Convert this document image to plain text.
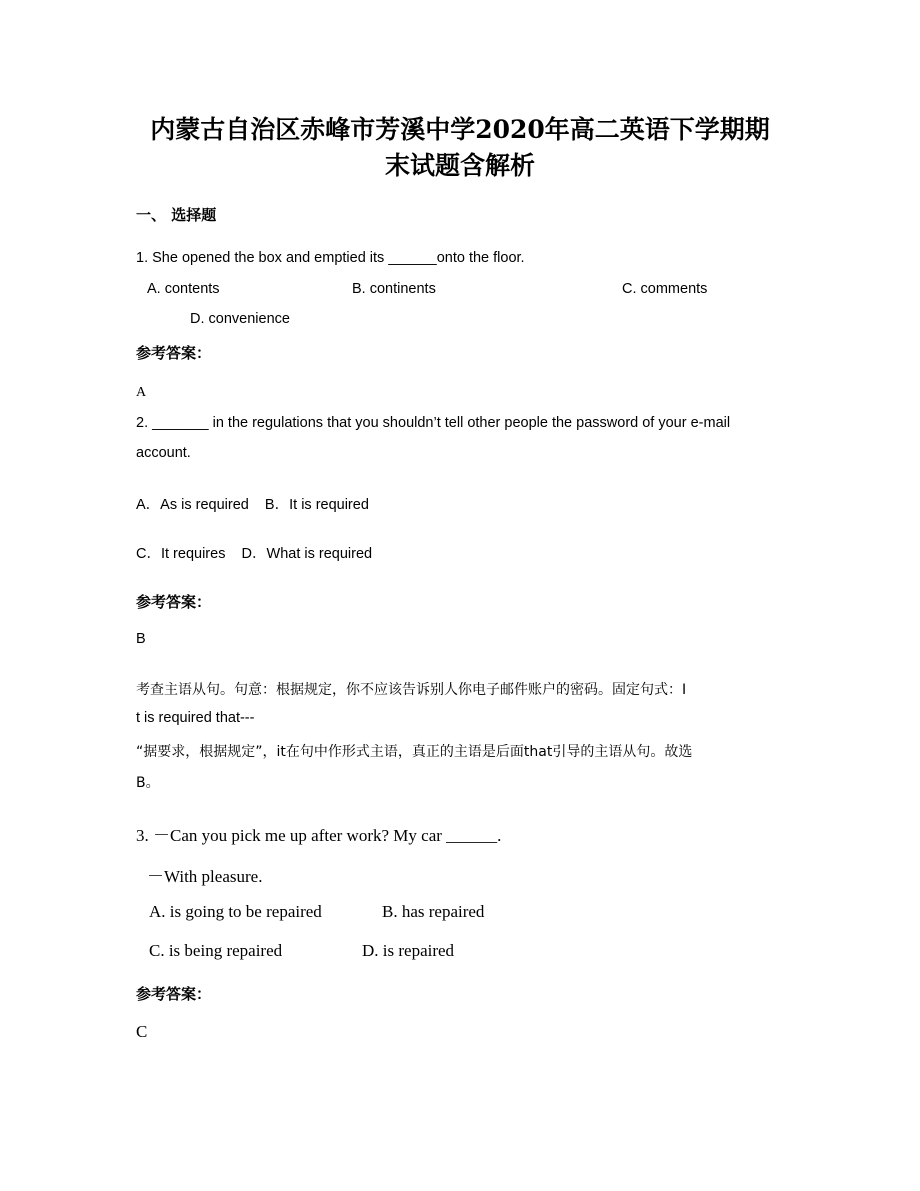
内蒙古自治区赤峰市芳溪中学2020年高二英语下学期期
末试题含解析
一、 选择题
1. She opened the box and emptied its ______onto the floor.
A. contents	B. continents	C. comments
D. convenience
参考答案：
A
2. _______ in the regulations that you shouldn’t tell other people the password of your e-mail
account.
A．As is required    B．It is required
C．It requires    D．What is required
参考答案：
B
考查主语从句。句意：根据规定，你不应该告诉别人你电子邮件账户的密码。固定句式：I
t is required that---
“据要求，根据规定”，it在句中作形式主语，真正的主语是后面that引导的主语从句。故选
B。
3. －Can you pick me up after work? My car ______.
－With pleasure.
A. is going to be repaired	B. has repaired
C. is being repaired	D. is repaired
参考答案：
C
